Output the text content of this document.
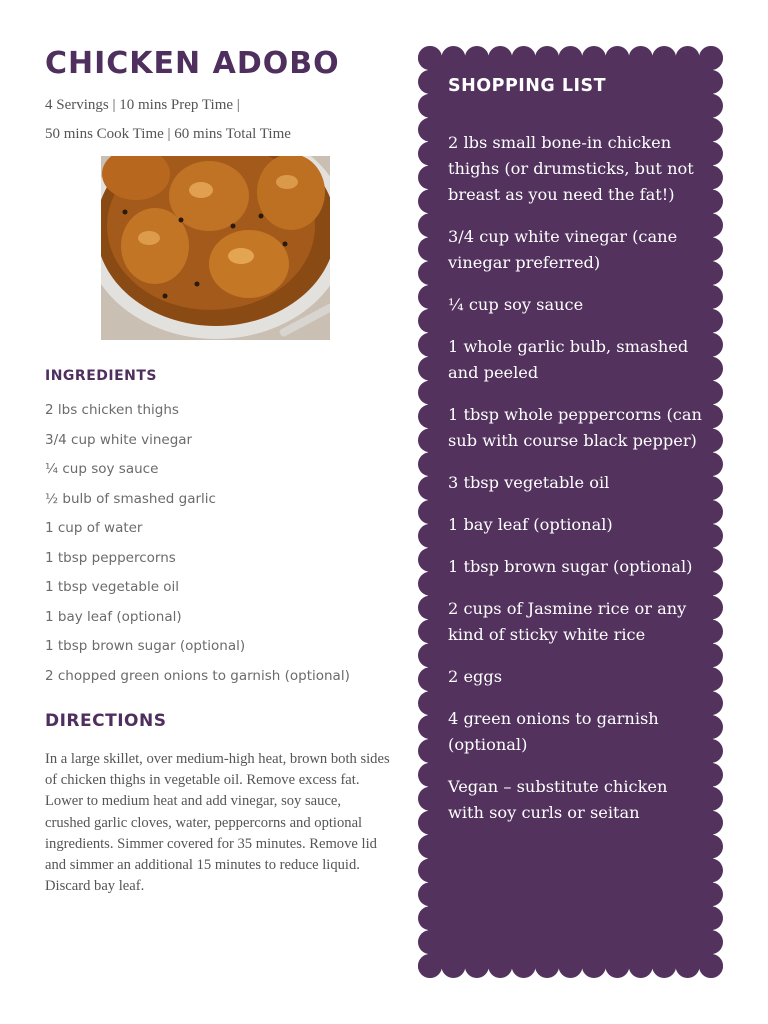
CHICKEN ADOBO

4 Servings | 10 mins Prep Time |

50 mins Cook Time | 60 mins Total Time

INGREDIENTS
2 lbs chicken thighs
3/4 cup white vinegar
¼ cup soy sauce
½ bulb of smashed garlic
1 cup of water
1 tbsp peppercorns
1 tbsp vegetable oil
1 bay leaf (optional)
1 tbsp brown sugar (optional)
2 chopped green onions to garnish (optional)
DIRECTIONS

In a large skillet, over medium-high heat, brown both sides of chicken thighs in vegetable oil. Remove excess fat. Lower to medium heat and add vinegar, soy sauce, crushed garlic cloves, water, peppercorns and optional ingredients. Simmer covered for 35 minutes. Remove lid and simmer an additional 15 minutes to reduce liquid. Discard bay leaf.

SHOPPING LIST
2 lbs small bone-in chicken thighs (or drumsticks, but not breast as you need the fat!)
3/4 cup white vinegar (cane vinegar preferred)
¼ cup soy sauce
1 whole garlic bulb, smashed and peeled
1 tbsp whole peppercorns (can sub with course black pepper)
3 tbsp vegetable oil
1 bay leaf (optional)
1 tbsp brown sugar (optional)
2 cups of Jasmine rice or any kind of sticky white rice
2 eggs
4 green onions to garnish (optional)
Vegan – substitute chicken with soy curls or seitan
